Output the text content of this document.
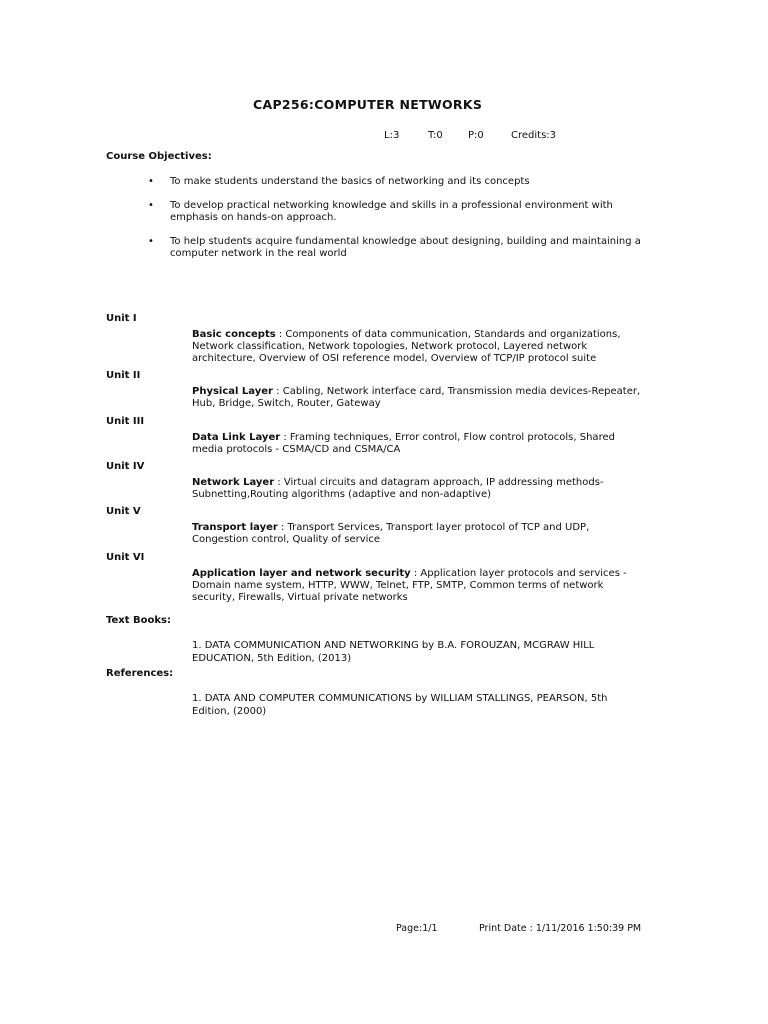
CAP256:COMPUTER NETWORKS
L:3	T:0	P:0	Credits:3
Course Objectives:
• To make students understand the basics of networking and its concepts
• To develop practical networking knowledge and skills in a professional environment with emphasis on hands-on approach.
• To help students acquire fundamental knowledge about designing, building and maintaining a computer network in the real world
Unit I
Basic concepts : Components of data communication, Standards and organizations, Network classification, Network topologies, Network protocol, Layered network architecture, Overview of OSI reference model, Overview of TCP/IP protocol suite
Unit II
Physical Layer : Cabling, Network interface card, Transmission media devices-Repeater, Hub, Bridge, Switch, Router, Gateway
Unit III
Data Link Layer : Framing techniques, Error control, Flow control protocols, Shared media protocols - CSMA/CD and CSMA/CA
Unit IV
Network Layer : Virtual circuits and datagram approach, IP addressing methods-Subnetting,Routing algorithms (adaptive and non-adaptive)
Unit V
Transport layer : Transport Services, Transport layer protocol of TCP and UDP, Congestion control, Quality of service
Unit VI
Application layer and network security : Application layer protocols and services - Domain name system, HTTP, WWW, Telnet, FTP, SMTP, Common terms of network security, Firewalls, Virtual private networks
Text Books:
1. DATA COMMUNICATION AND NETWORKING by B.A. FOROUZAN, MCGRAW HILL EDUCATION, 5th Edition, (2013)
References:
1. DATA AND COMPUTER COMMUNICATIONS by WILLIAM STALLINGS, PEARSON, 5th Edition, (2000)
Page:1/1	Print Date : 1/11/2016 1:50:39 PM
